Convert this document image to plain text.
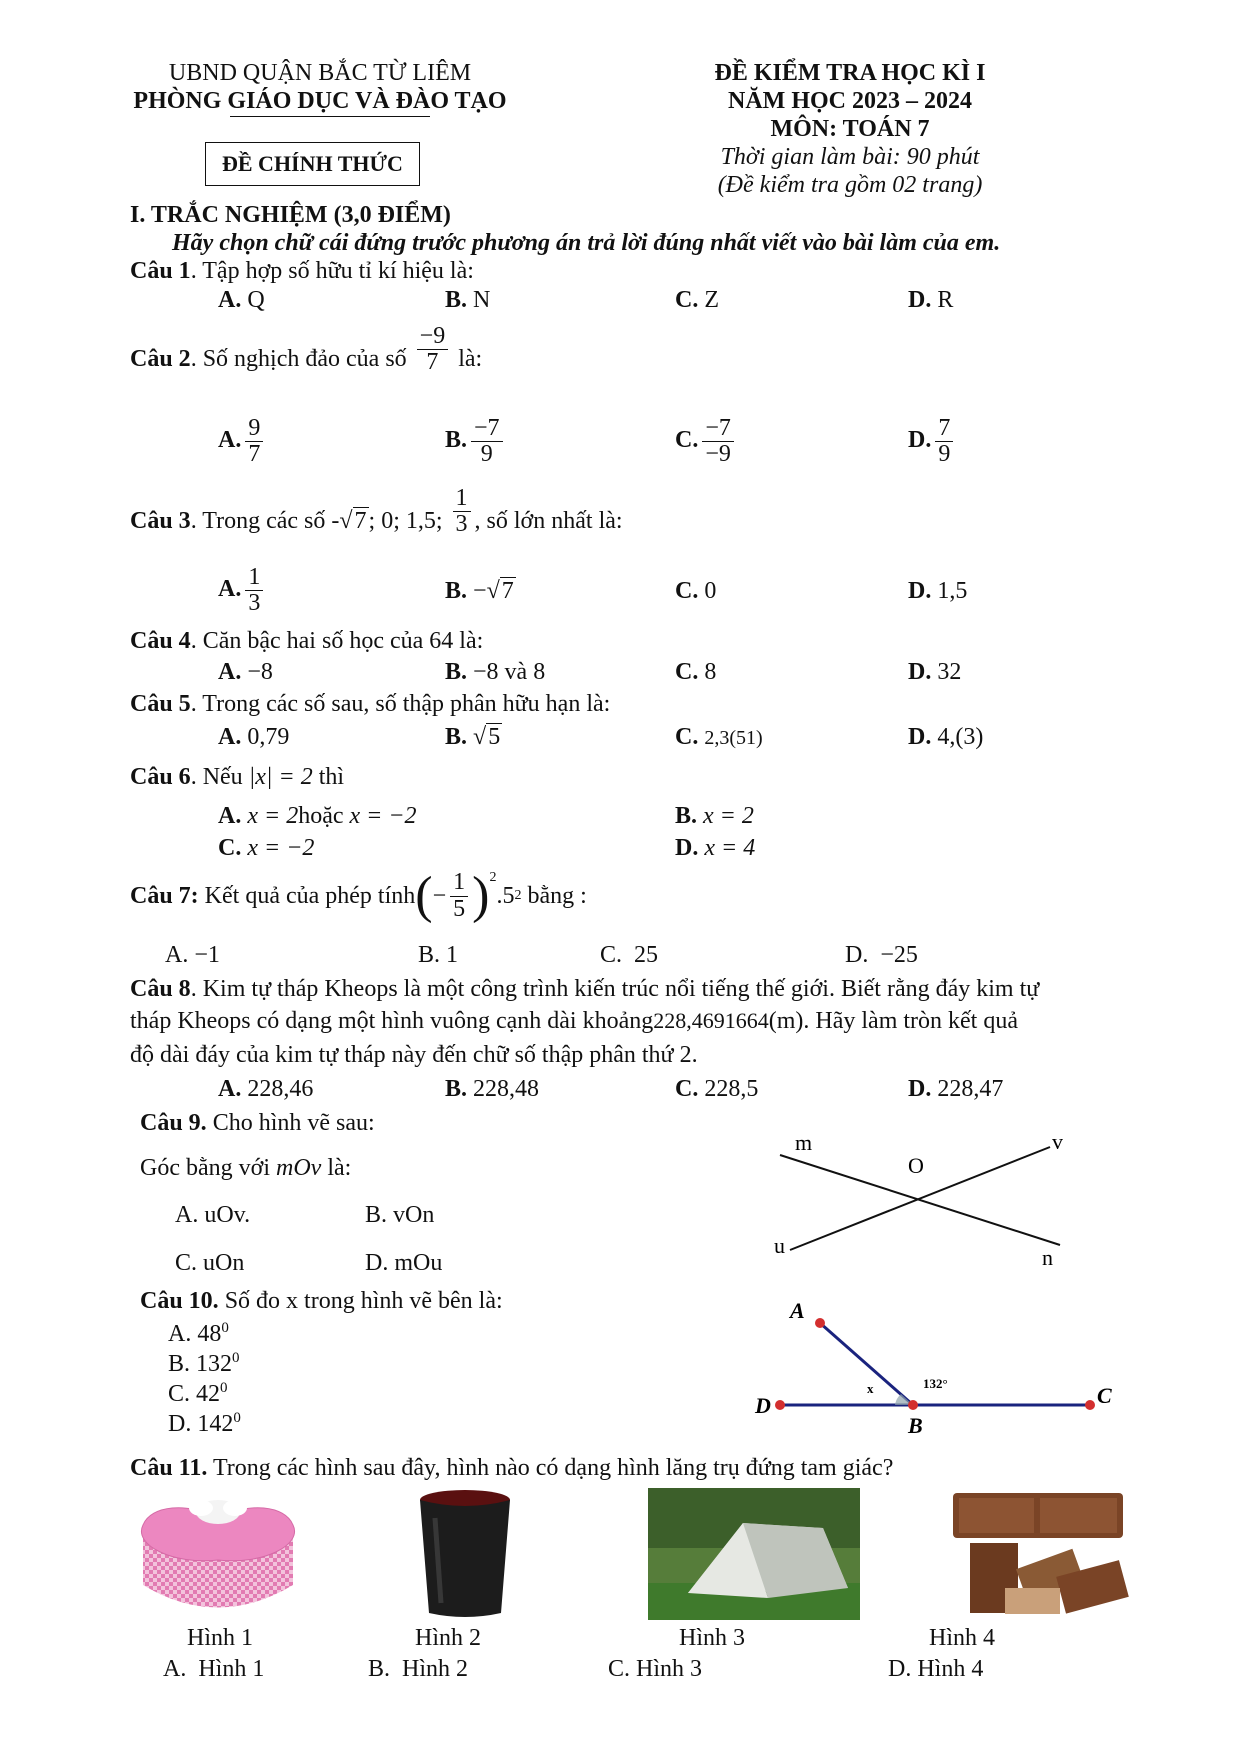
UBND QUẬN BẮC TỪ LIÊM
PHÒNG GIÁO DỤC VÀ ĐÀO TẠO
ĐỀ CHÍNH THỨC
ĐỀ KIỂM TRA HỌC KÌ I
NĂM HỌC 2023 – 2024
MÔN: TOÁN 7
Thời gian làm bài: 90 phút
(Đề kiểm tra gồm 02 trang)
I. TRẮC NGHIỆM (3,0 ĐIỂM)
Hãy chọn chữ cái đứng trước phương án trả lời đúng nhất viết vào bài làm của em.
Câu 1. Tập hợp số hữu tỉ kí hiệu là:
A. Q	B. N	C. Z	D. R
Câu 2. Số nghịch đảo của số $\frac{-9}{7}$ là:
A. $\frac{9}{7}$	B. $\frac{-7}{9}$	C. $\frac{-7}{-9}$	D. $\frac{7}{9}$
Câu 3. Trong các số -√7; 0; 1,5; $\frac{1}{3}$ , số lớn nhất là:
A. $\frac{1}{3}$	B. −√7	C. 0	D. 1,5
Câu 4. Căn bậc hai số học của 64 là:
A. −8	B. −8 và 8	C. 8	D. 32
Câu 5. Trong các số sau, số thập phân hữu hạn là:
A. 0,79	B. √5	C. 2,3(51)	D. 4,(3)
Câu 6. Nếu |x| = 2 thì
A. x = 2hoặc x = −2	B. x = 2
C. x = −2	D. x = 4
Câu 7:
Kết quả của phép tính ( − $\frac{1}{5} )^2$
.5 2
bằng :
A. −1	B. 1	C. 25	D. −25
Câu 8. Kim tự tháp Kheops là một công trình kiến trúc nổi tiếng thế giới. Biết rằng đáy kim tự
tháp Kheops có dạng một hình vuông cạnh dài khoảng228,4691664(m). Hãy làm tròn kết quả
độ dài đáy của kim tự tháp này đến chữ số thập phân thứ 2.
A. 228,46	B. 228,48	C. 228,5	D. 228,47
Câu 9. Cho hình vẽ sau:
Góc bằng với mOv là:
A. uOv.	B. vOn
C. uOn	D. mOu
m	v
O
u	n
Câu 10. Số đo x trong hình vẽ bên là:
A. $48^0$
B. $132^0$
C. $42^0$
D. $142^0$
A
D
B
C
x	132°
Câu 11. Trong các hình sau đây, hình nào có dạng hình lăng trụ đứng tam giác?
Hình 1	Hình 2	Hình 3	Hình 4
A. Hình 1	B. Hình 2	C. Hình 3	D. Hình 4
